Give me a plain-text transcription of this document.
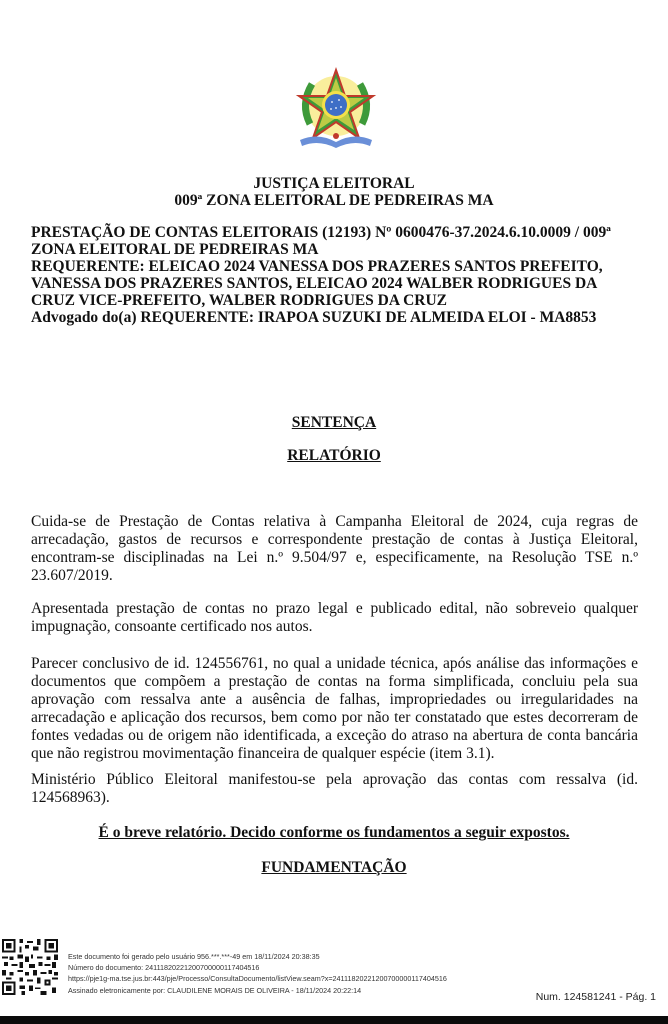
JUSTIÇA ELEITORAL
009ª ZONA ELEITORAL DE PEDREIRAS MA
PRESTAÇÃO DE CONTAS ELEITORAIS (12193) Nº 0600476-37.2024.6.10.0009 / 009ª
ZONA ELEITORAL DE PEDREIRAS MA
REQUERENTE: ELEICAO 2024 VANESSA DOS PRAZERES SANTOS PREFEITO,
VANESSA DOS PRAZERES SANTOS, ELEICAO 2024 WALBER RODRIGUES DA
CRUZ VICE-PREFEITO, WALBER RODRIGUES DA CRUZ
Advogado do(a) REQUERENTE: IRAPOA SUZUKI DE ALMEIDA ELOI - MA8853
SENTENÇA
RELATÓRIO
Cuida-se de Prestação de Contas relativa à Campanha Eleitoral de 2024, cuja regras de
arrecadação, gastos de recursos e correspondente prestação de contas à Justiça Eleitoral,
encontram-se disciplinadas na Lei n.º 9.504/97 e, especificamente, na Resolução TSE n.º
23.607/2019.
Apresentada prestação de contas no prazo legal e publicado edital, não sobreveio qualquer
impugnação, consoante certificado nos autos.
Parecer conclusivo de id. 124556761, no qual a unidade técnica, após análise das informações e
documentos que compõem a prestação de contas na forma simplificada, concluiu pela sua
aprovação com ressalva ante a ausência de falhas, impropriedades ou irregularidades na
arrecadação e aplicação dos recursos, bem como por não ter constatado que estes decorreram de
fontes vedadas ou de origem não identificada, a exceção do atraso na abertura de conta bancária
que não registrou movimentação financeira de qualquer espécie (item 3.1).
Ministério Público Eleitoral manifestou-se pela aprovação das contas com ressalva (id.
124568963).
É o breve relatório. Decido conforme os fundamentos a seguir expostos.
FUNDAMENTAÇÃO
Este documento foi gerado pelo usuário 956.***.***-49 em 18/11/2024 20:38:35
Número do documento: 24111820221200700000117404516
https://pje1g-ma.tse.jus.br:443/pje/Processo/ConsultaDocumento/listView.seam?x=24111820221200700000117404516
Assinado eletronicamente por: CLAUDILENE MORAIS DE OLIVEIRA - 18/11/2024 20:22:14
Num. 124581241 - Pág. 1
